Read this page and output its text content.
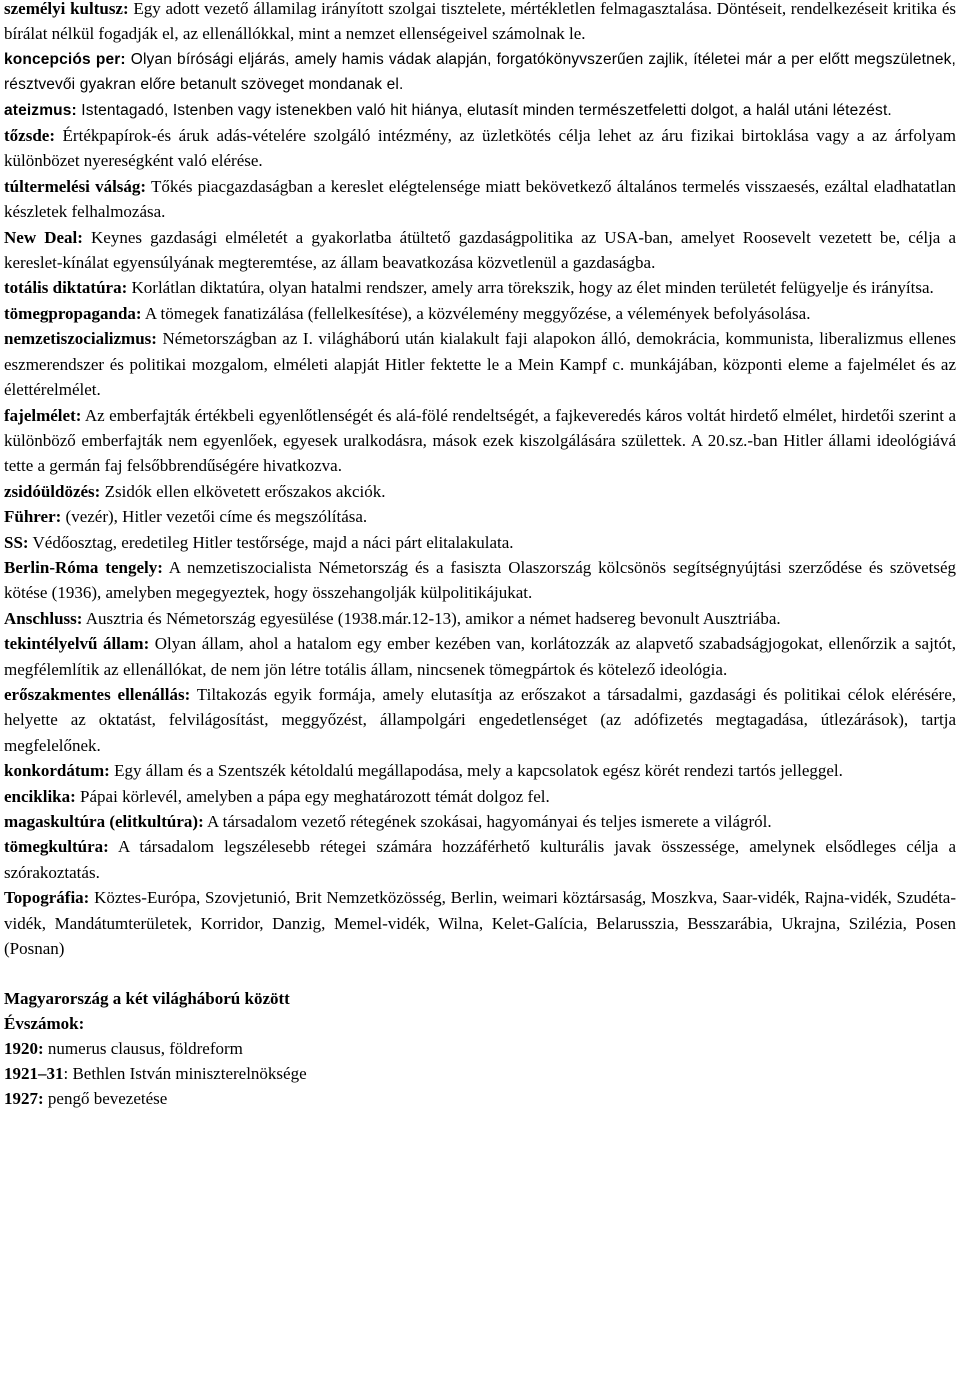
személyi kultusz: Egy adott vezető államilag irányított szolgai tisztelete, mértékletlen felmagasztalása. Döntéseit, rendelkezéseit kritika és bírálat nélkül fogadják el, az ellenállókkal, mint a nemzet ellenségeivel számolnak le.

koncepciós per: Olyan bírósági eljárás, amely hamis vádak alapján, forgatókönyvszerűen zajlik, ítéletei már a per előtt megszületnek, résztvevői gyakran előre betanult szöveget mondanak el.

ateizmus: Istentagadó, Istenben vagy istenekben való hit hiánya, elutasít minden természetfeletti dolgot, a halál utáni létezést.

tőzsde: Értékpapírok-és áruk adás-vételére szolgáló intézmény, az üzletkötés célja lehet az áru fizikai birtoklása vagy a az árfolyam különbözet nyereségként való elérése.

túltermelési válság: Tőkés piacgazdaságban a kereslet elégtelensége miatt bekövetkező általános termelés visszaesés, ezáltal eladhatatlan készletek felhalmozása.

New Deal: Keynes gazdasági elméletét a gyakorlatba átültető gazdaságpolitika az USA-ban, amelyet Roosevelt vezetett be, célja a kereslet-kínálat egyensúlyának megteremtése, az állam beavatkozása közvetlenül a gazdaságba.

totális diktatúra: Korlátlan diktatúra, olyan hatalmi rendszer, amely arra törekszik, hogy az élet minden területét felügyelje és irányítsa.

tömegpropaganda: A tömegek fanatizálása (fellelkesítése), a közvélemény meggyőzése, a vélemények befolyásolása.

nemzetiszocializmus: Németországban az I. világháború után kialakult faji alapokon álló, demokrácia, kommunista, liberalizmus ellenes eszmerendszer és politikai mozgalom, elméleti alapját Hitler fektette le a Mein Kampf c. munkájában, központi eleme a fajelmélet és az élettérelmélet.

fajelmélet: Az emberfajták értékbeli egyenlőtlenségét és alá-fölé rendeltségét, a fajkeveredés káros voltát hirdető elmélet, hirdetői szerint a különböző emberfajták nem egyenlőek, egyesek uralkodásra, mások ezek kiszolgálására születtek. A 20.sz.-ban Hitler állami ideológiává tette a germán faj felsőbbrendűségére hivatkozva.

zsidóüldözés: Zsidók ellen elkövetett erőszakos akciók.

Führer: (vezér), Hitler vezetői címe és megszólítása.

SS: Védőosztag, eredetileg Hitler testőrsége, majd a náci párt elitalakulata.

Berlin-Róma tengely: A nemzetiszocialista Németország és a fasiszta Olaszország kölcsönös segítségnyújtási szerződése és szövetség kötése (1936), amelyben megegyeztek, hogy összehangolják külpolitikájukat.

Anschluss: Ausztria és Németország egyesülése (1938.már.12-13), amikor a német hadsereg bevonult Ausztriába.

tekintélyelvű állam: Olyan állam, ahol a hatalom egy ember kezében van, korlátozzák az alapvető szabadságjogokat, ellenőrzik a sajtót, megfélemlítik az ellenállókat, de nem jön létre totális állam, nincsenek tömegpártok és kötelező ideológia.

erőszakmentes ellenállás: Tiltakozás egyik formája, amely elutasítja az erőszakot a társadalmi, gazdasági és politikai célok elérésére, helyette az oktatást, felvilágosítást, meggyőzést, állampolgári engedetlenséget (az adófizetés megtagadása, útlezárások), tartja megfelelőnek.

konkordátum: Egy állam és a Szentszék kétoldalú megállapodása, mely a kapcsolatok egész körét rendezi tartós jelleggel.

enciklika: Pápai körlevél, amelyben a pápa egy meghatározott témát dolgoz fel.

magaskultúra (elitkultúra): A társadalom vezető rétegének szokásai, hagyományai és teljes ismerete a világról.

tömegkultúra: A társadalom legszélesebb rétegei számára hozzáférhető kulturális javak összessége, amelynek elsődleges célja a szórakoztatás.

Topográfia: Köztes-Európa, Szovjetunió, Brit Nemzetközösség, Berlin, weimari köztársaság, Moszkva, Saar-vidék, Rajna-vidék, Szudéta-vidék, Mandátumterületek, Korridor, Danzig, Memel-vidék, Wilna, Kelet-Galícia, Belarusszia, Besszarábia, Ukrajna, Szilézia, Posen (Posnan)

Magyarország a két világháború között

Évszámok:

1920: numerus clausus, földreform

1921–31: Bethlen István miniszterelnöksége

1927: pengő bevezetése
